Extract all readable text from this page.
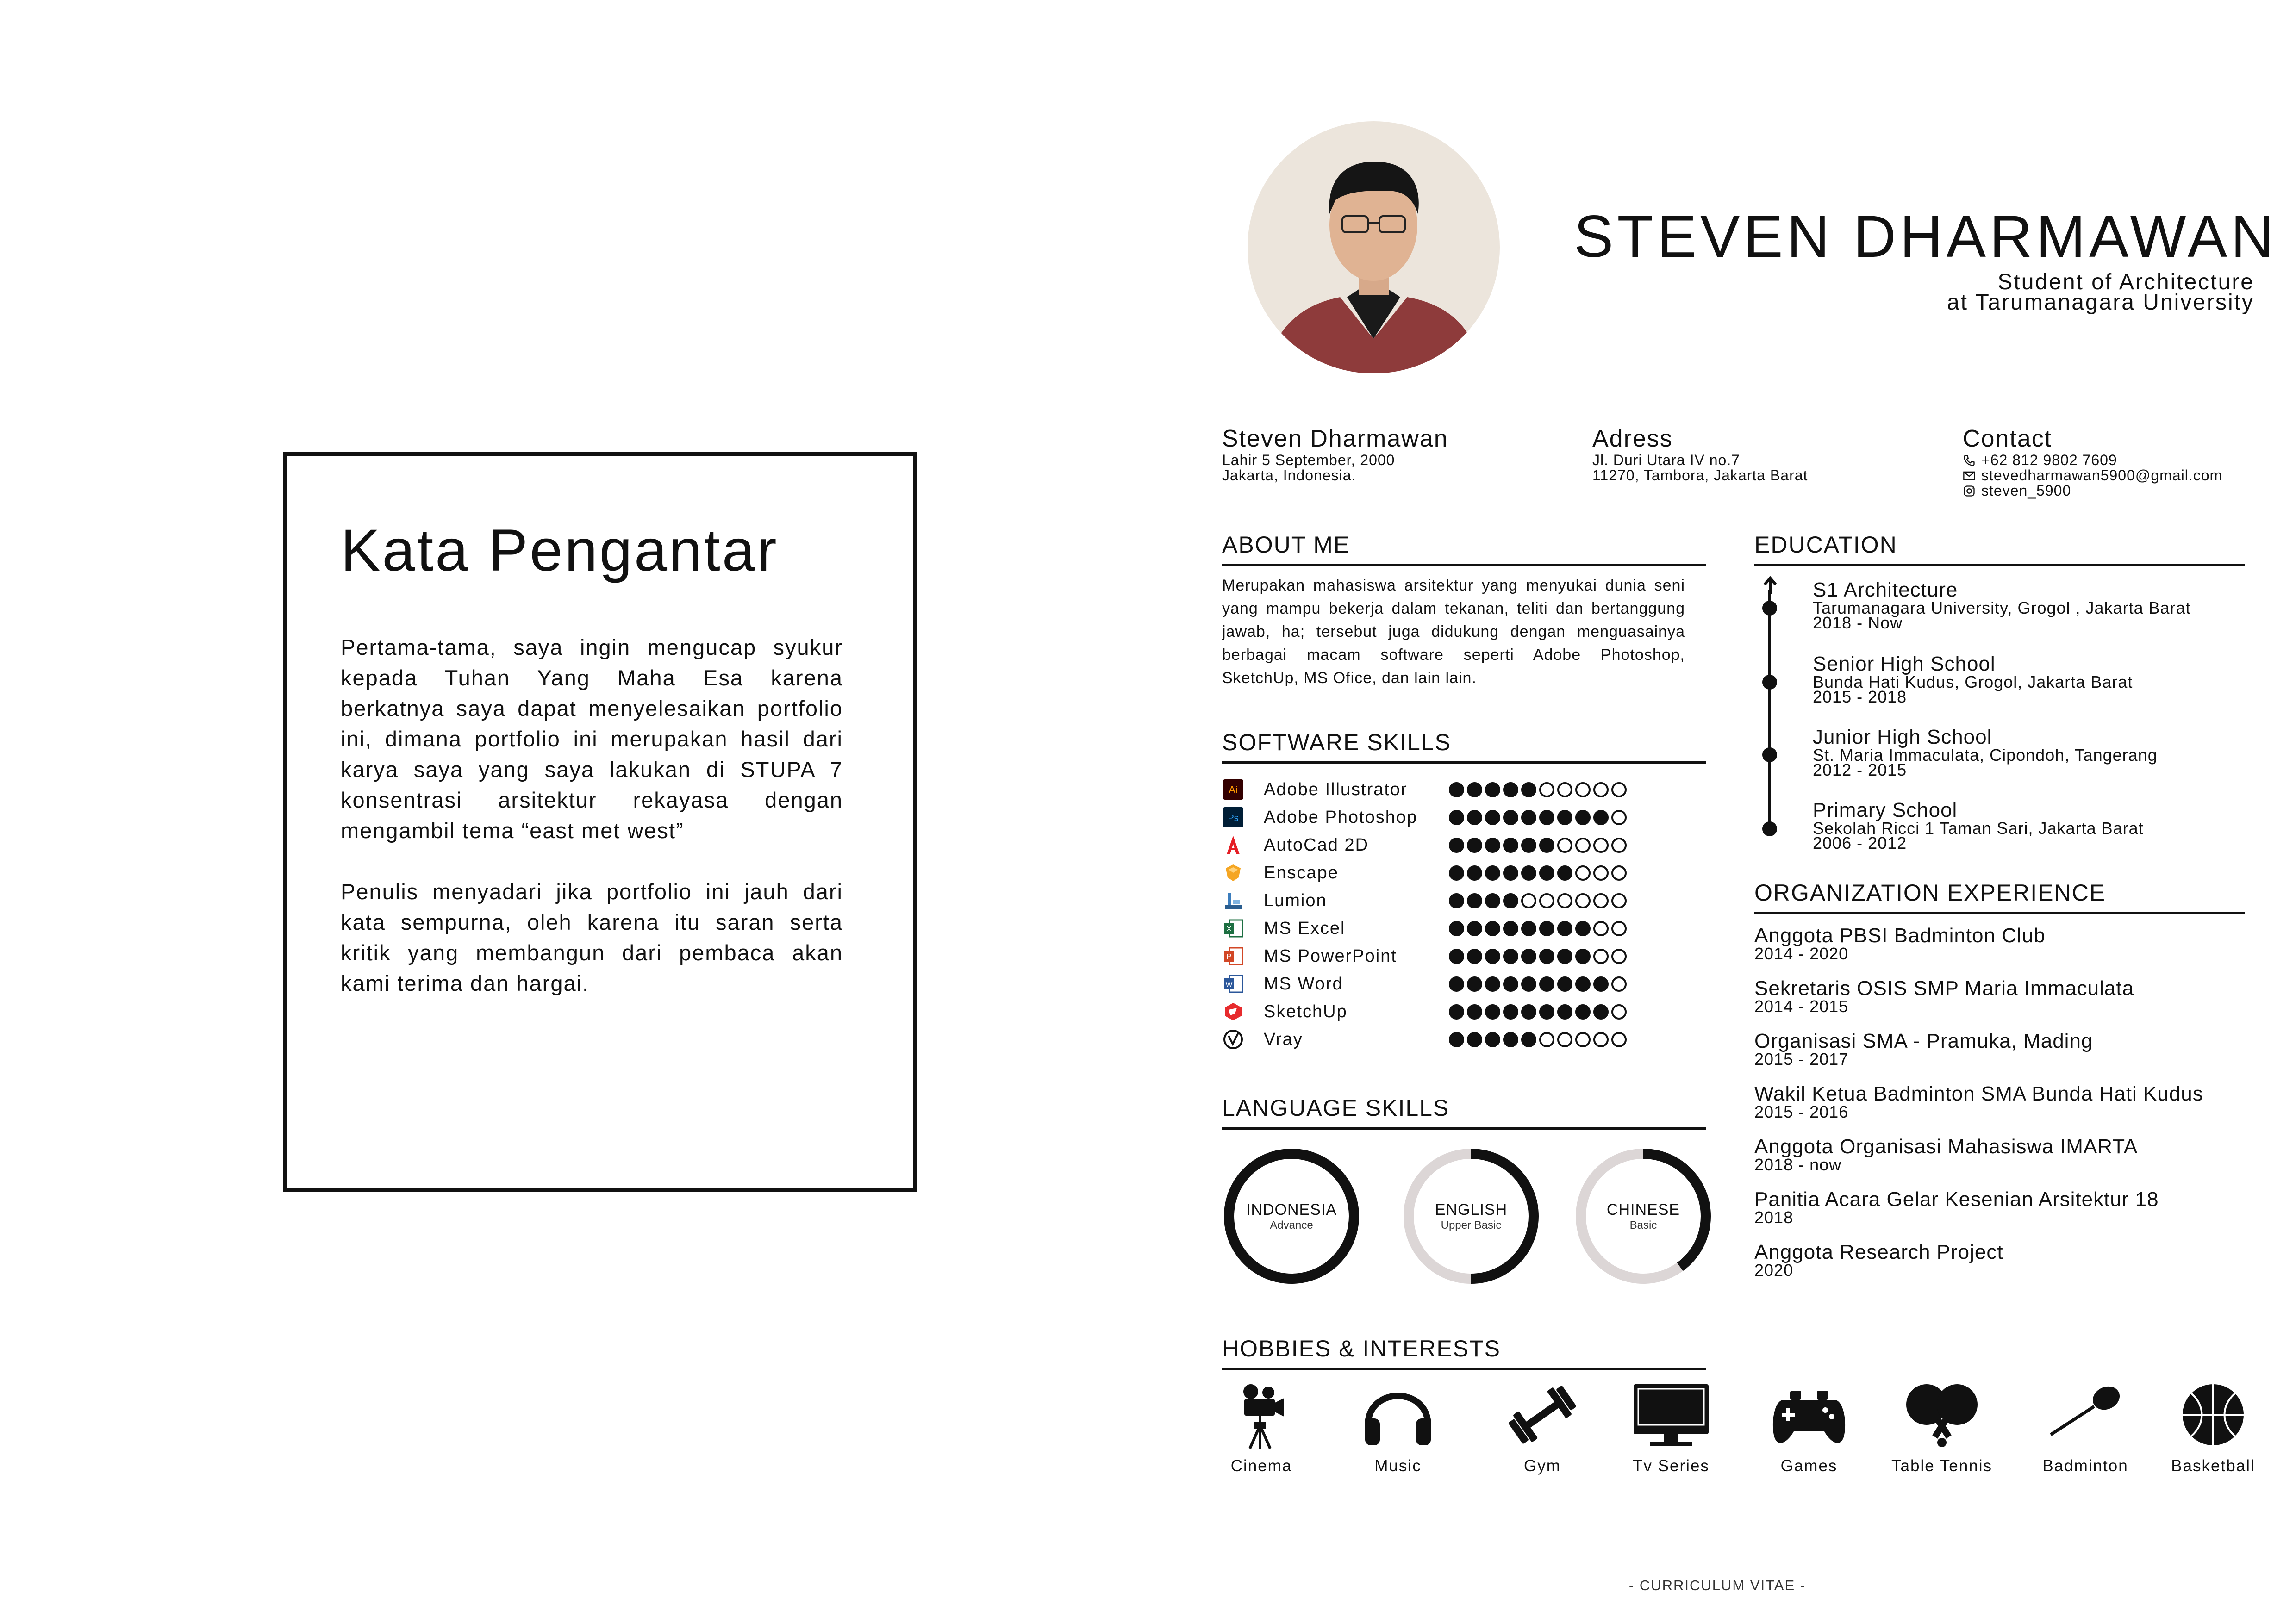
Kata Pengantar

Pertama-tama, saya ingin mengucap syukur kepada Tuhan Yang Maha Esa karena berkatnya saya dapat menyelesaikan portfolio ini, dimana portfolio ini merupakan hasil dari karya saya yang saya lakukan di STUPA 7 konsentrasi arsitektur rekayasa dengan mengambil tema “east met west”

Penulis menyadari jika portfolio ini jauh dari kata sempurna, oleh karena itu saran serta kritik yang membangun dari pembaca akan kami terima dan hargai.

STEVEN DHARMAWAN
Student of Architecture
at Tarumanagara University
Steven Dharmawan
Lahir 5 September, 2000
Jakarta, Indonesia.
Adress
Jl. Duri Utara IV no.7
11270, Tambora, Jakarta Barat
Contact
+62 812 9802 7609
stevedharmawan5900@gmail.com
steven_5900
ABOUT ME
Merupakan mahasiswa arsitektur yang menyukai dunia seni yang mampu bekerja dalam tekanan, teliti dan bertanggung jawab, ha; tersebut juga didukung dengan menguasainya berbagai macam software seperti Adobe Photoshop, SketchUp, MS Ofice, dan lain lain.
SOFTWARE SKILLS
Ai Adobe Illustrator
Ps Adobe Photoshop
AutoCad 2D
Enscape
Lumion
X MS Excel
P MS PowerPoint
W MS Word
SketchUp
Vray
LANGUAGE SKILLS
INDONESIA
Advance
ENGLISH
Upper Basic
CHINESE
Basic
EDUCATION
S1 Architecture
Tarumanagara University, Grogol , Jakarta Barat
2018 - Now
Senior High School
Bunda Hati Kudus, Grogol, Jakarta Barat
2015 - 2018
Junior High School
St. Maria Immaculata, Cipondoh, Tangerang
2012 - 2015
Primary School
Sekolah Ricci 1 Taman Sari, Jakarta Barat
2006 - 2012
ORGANIZATION EXPERIENCE
Anggota PBSI Badminton Club
2014 - 2020
Sekretaris OSIS SMP Maria Immaculata
2014 - 2015
Organisasi SMA - Pramuka, Mading
2015 - 2017
Wakil Ketua Badminton SMA Bunda Hati Kudus
2015 - 2016
Anggota Organisasi Mahasiswa IMARTA
2018 - now
Panitia Acara Gelar Kesenian Arsitektur 18
2018
Anggota Research Project
2020
HOBBIES & INTERESTS
Cinema	Music	Gym	Tv Series	Games	Table Tennis	Badminton	Basketball
- CURRICULUM VITAE -
